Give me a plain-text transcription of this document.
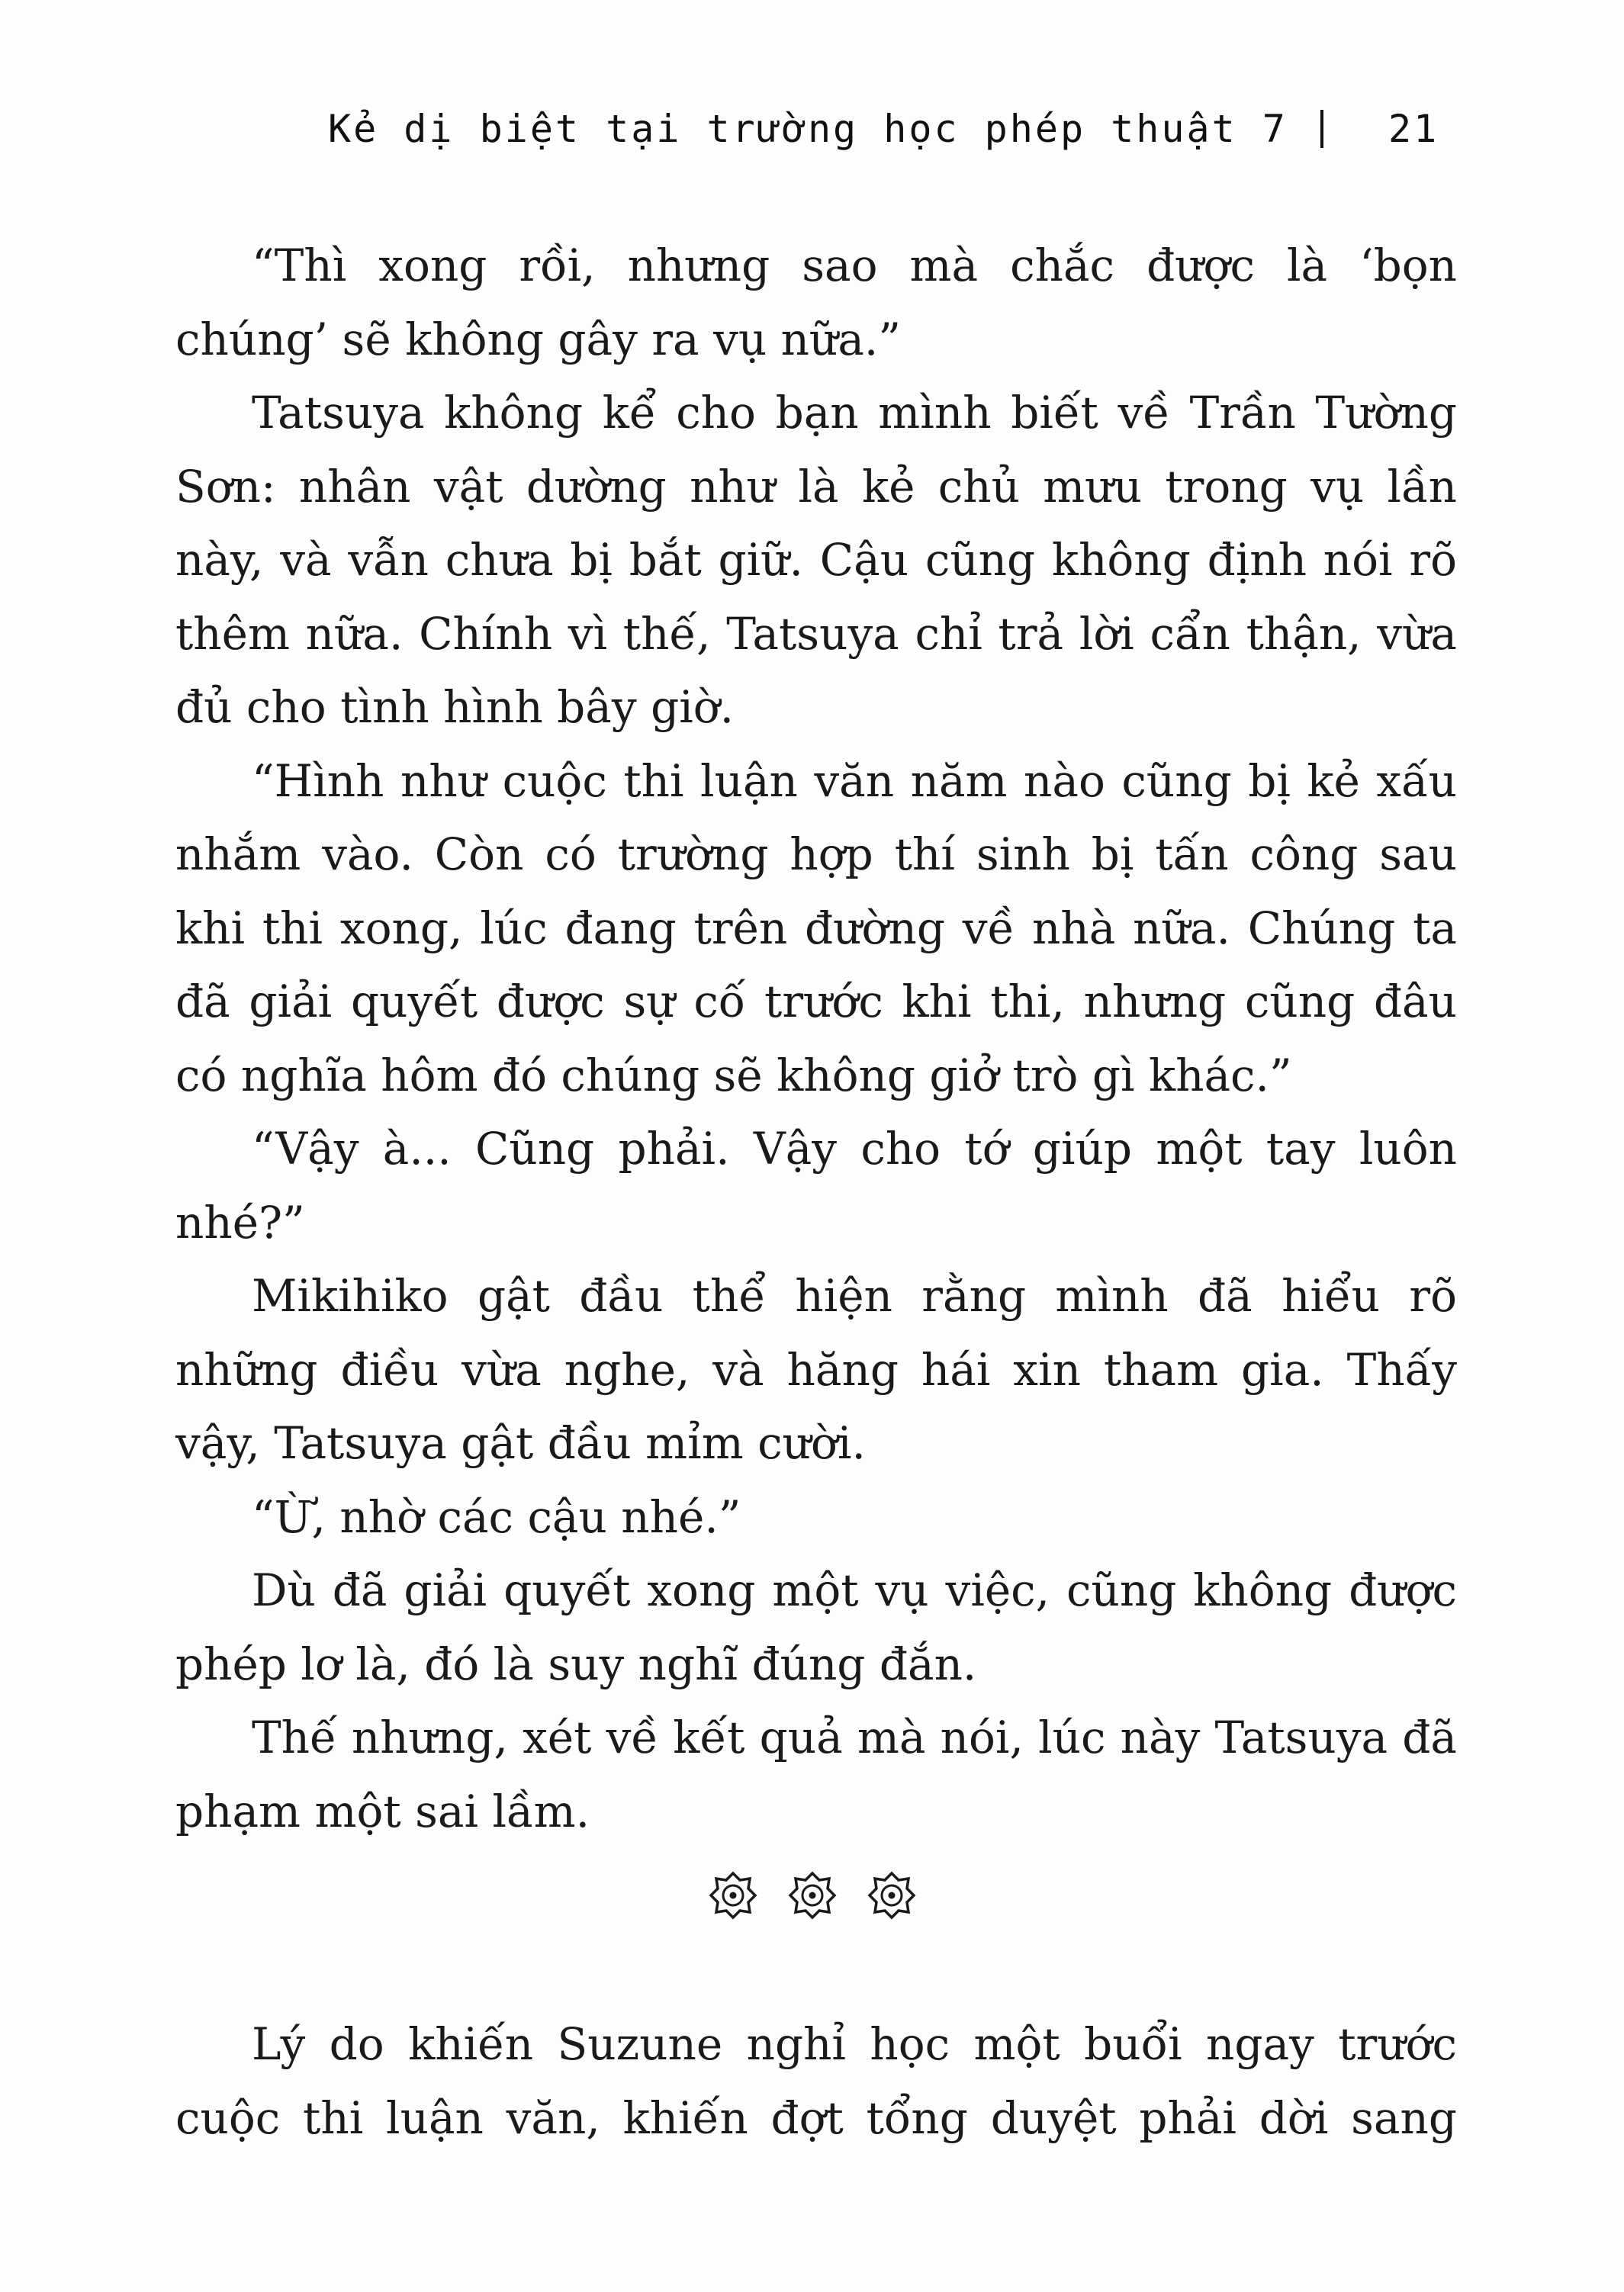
Kẻ dị biệt tại trường học phép thuật 7	21

“Thì xong rồi, nhưng sao mà chắc được là ‘bọn chúng’ sẽ không gây ra vụ nữa.”

Tatsuya không kể cho bạn mình biết về Trần Tường Sơn: nhân vật dường như là kẻ chủ mưu trong vụ lần này, và vẫn chưa bị bắt giữ. Cậu cũng không định nói rõ thêm nữa. Chính vì thế, Tatsuya chỉ trả lời cẩn thận, vừa đủ cho tình hình bây giờ.

“Hình như cuộc thi luận văn năm nào cũng bị kẻ xấu nhắm vào. Còn có trường hợp thí sinh bị tấn công sau khi thi xong, lúc đang trên đường về nhà nữa. Chúng ta đã giải quyết được sự cố trước khi thi, nhưng cũng đâu có nghĩa hôm đó chúng sẽ không giở trò gì khác.”

“Vậy à... Cũng phải. Vậy cho tớ giúp một tay luôn nhé?”

Mikihiko gật đầu thể hiện rằng mình đã hiểu rõ những điều vừa nghe, và hăng hái xin tham gia. Thấy vậy, Tatsuya gật đầu mỉm cười.

“Ừ, nhờ các cậu nhé.”

Dù đã giải quyết xong một vụ việc, cũng không được phép lơ là, đó là suy nghĩ đúng đắn.

Thế nhưng, xét về kết quả mà nói, lúc này Tatsuya đã phạm một sai lầm.

Lý do khiến Suzune nghỉ học một buổi ngay trước cuộc thi luận văn, khiến đợt tổng duyệt phải dời sang
